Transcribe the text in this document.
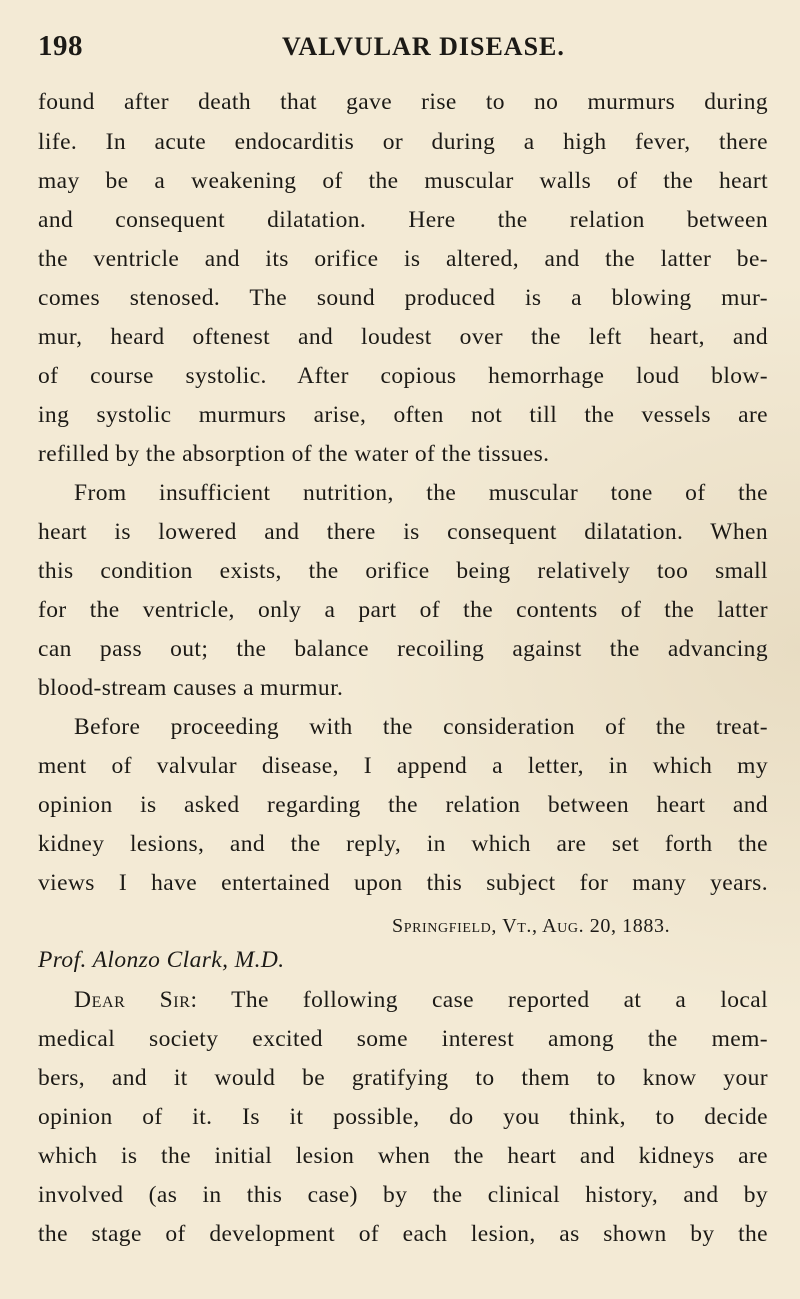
198	VALVULAR DISEASE.
found after death that gave rise to no murmurs during
life. In acute endocarditis or during a high fever, there
may be a weakening of the muscular walls of the heart
and consequent dilatation. Here the relation between
the ventricle and its orifice is altered, and the latter be-
comes stenosed. The sound produced is a blowing mur-
mur, heard oftenest and loudest over the left heart, and
of course systolic. After copious hemorrhage loud blow-
ing systolic murmurs arise, often not till the vessels are
refilled by the absorption of the water of the tissues.
From insufficient nutrition, the muscular tone of the
heart is lowered and there is consequent dilatation. When
this condition exists, the orifice being relatively too small
for the ventricle, only a part of the contents of the latter
can pass out; the balance recoiling against the advancing
blood-stream causes a murmur.
Before proceeding with the consideration of the treat-
ment of valvular disease, I append a letter, in which my
opinion is asked regarding the relation between heart and
kidney lesions, and the reply, in which are set forth the
views I have entertained upon this subject for many years.
Springfield, Vt., Aug. 20, 1883.
Prof. Alonzo Clark, M.D.
Dear Sir: The following case reported at a local
medical society excited some interest among the mem-
bers, and it would be gratifying to them to know your
opinion of it. Is it possible, do you think, to decide
which is the initial lesion when the heart and kidneys are
involved (as in this case) by the clinical history, and by
the stage of development of each lesion, as shown by the
